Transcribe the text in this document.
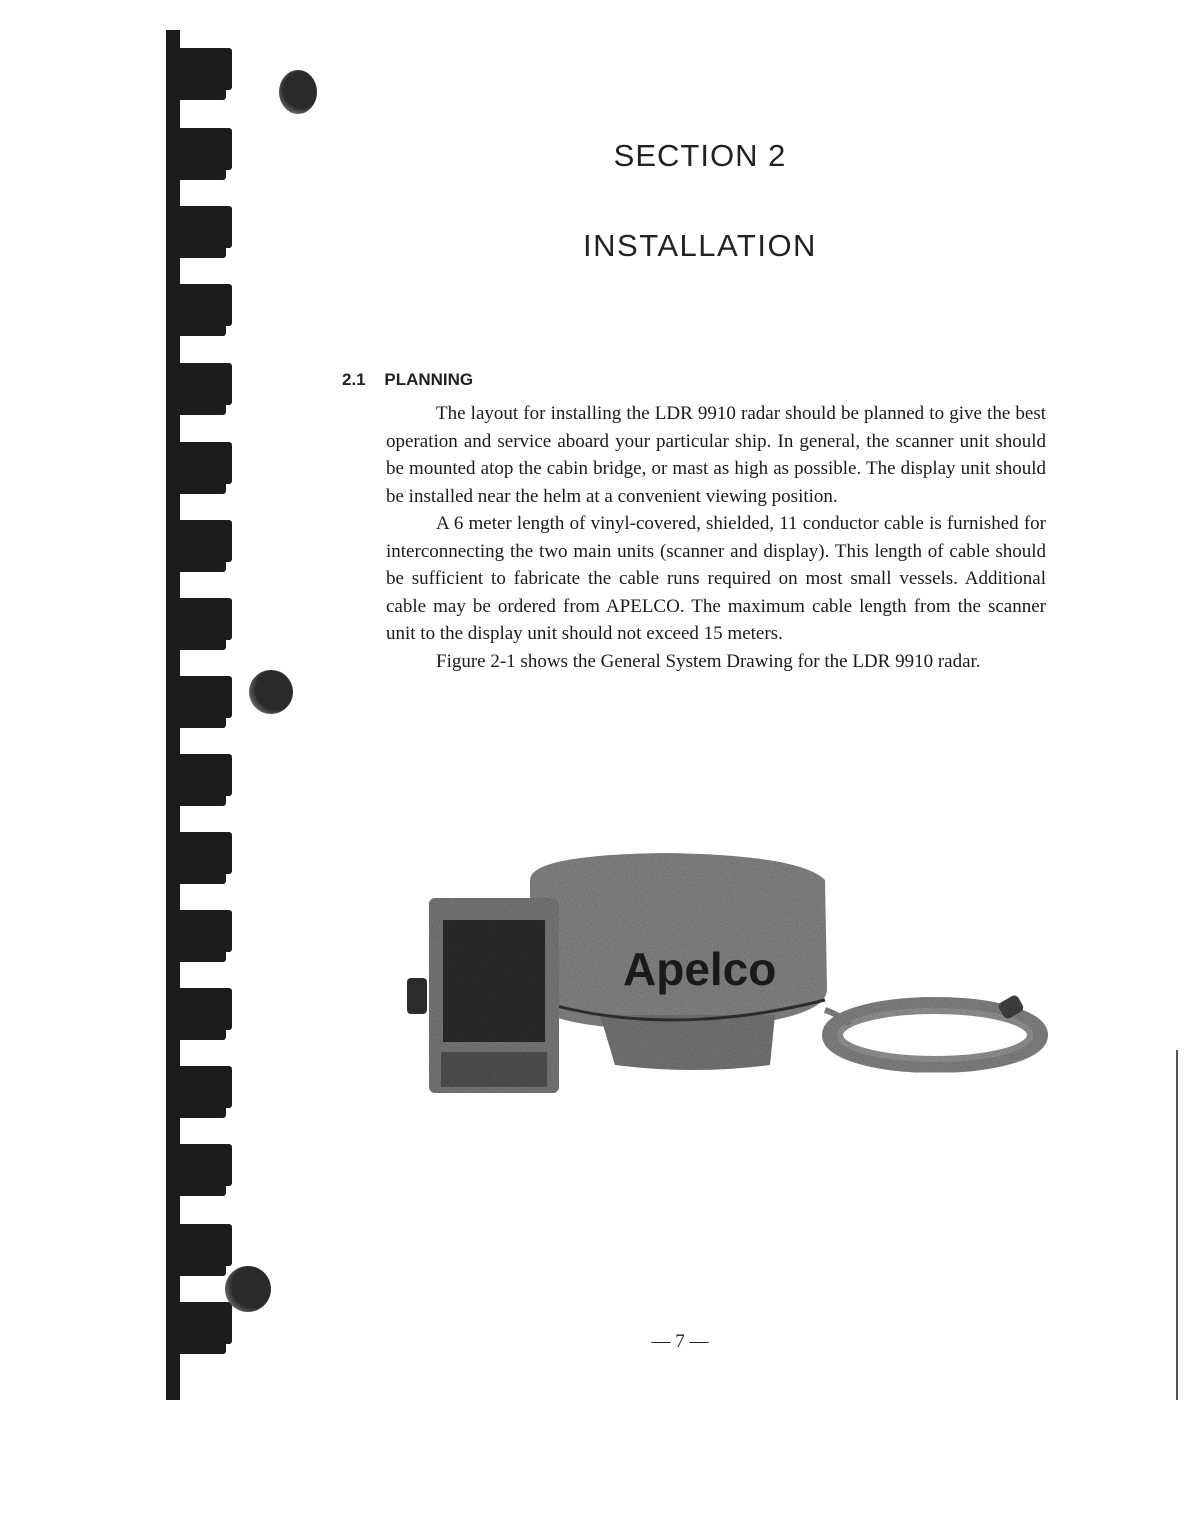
SECTION 2
INSTALLATION
2.1 PLANNING

The layout for installing the LDR 9910 radar should be planned to give the best operation and service aboard your particular ship. In general, the scanner unit should be mounted atop the cabin bridge, or mast as high as possible. The display unit should be installed near the helm at a convenient viewing position.

A 6 meter length of vinyl-covered, shielded, 11 conductor cable is furnished for interconnecting the two main units (scanner and display). This length of cable should be sufficient to fabricate the cable runs required on most small vessels. Additional cable may be ordered from APELCO. The maximum cable length from the scanner unit to the display unit should not exceed 15 meters.

Figure 2-1 shows the General System Drawing for the LDR 9910 radar.

Apelco
— 7 —
